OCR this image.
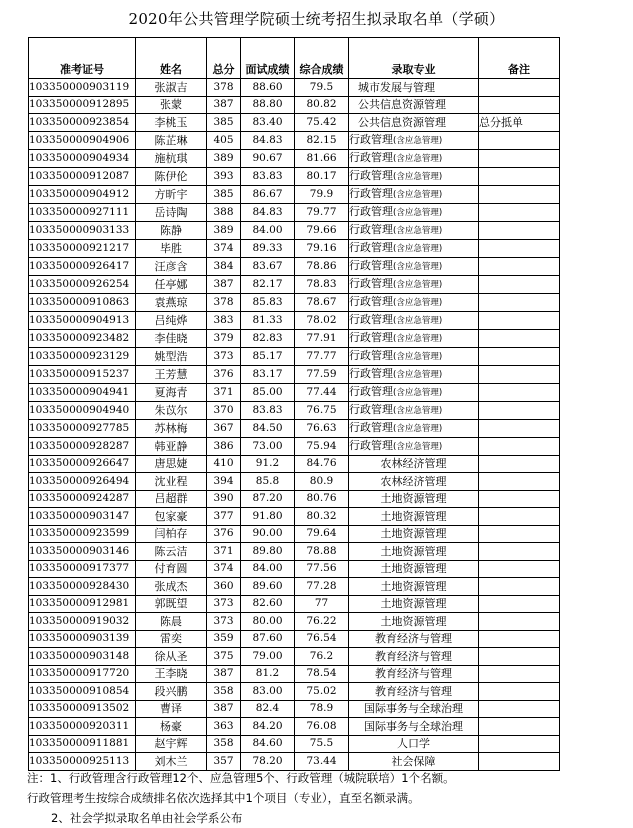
2020年公共管理学院硕士统考招生拟录取名单（学硕）
准考证号	姓名	总分	面试成绩	综合成绩	录取专业	备注
103350000903119	张淑吉	378	88.60	79.5	城市发展与管理	
103350000912895	张蒙	387	88.80	80.82	公共信息资源管理	
103350000923854	李桃玉	385	83.40	75.42	公共信息资源管理	总分抵单
103350000904906	陈芷琳	405	84.83	82.15	行政管理(含应急管理)	
103350000904934	施杭琪	389	90.67	81.66	行政管理(含应急管理)	
103350000912087	陈伊伦	393	83.83	80.17	行政管理(含应急管理)	
103350000904912	方昕宇	385	86.67	79.9	行政管理(含应急管理)	
103350000927111	岳诗陶	388	84.83	79.77	行政管理(含应急管理)	
103350000903133	陈静	389	84.00	79.66	行政管理(含应急管理)	
103350000921217	毕胜	374	89.33	79.16	行政管理(含应急管理)	
103350000926417	汪彦含	384	83.67	78.86	行政管理(含应急管理)	
103350000926254	任亭娜	387	82.17	78.83	行政管理(含应急管理)	
103350000910863	袁燕琼	378	85.83	78.67	行政管理(含应急管理)	
103350000904913	吕纯烨	383	81.33	78.02	行政管理(含应急管理)	
103350000923482	李佳晓	379	82.83	77.91	行政管理(含应急管理)	
103350000923129	姚型浩	373	85.17	77.77	行政管理(含应急管理)	
103350000915237	王芳慧	376	83.17	77.59	行政管理(含应急管理)	
103350000904941	夏海青	371	85.00	77.44	行政管理(含应急管理)	
103350000904940	朱苡尔	370	83.83	76.75	行政管理(含应急管理)	
103350000927785	苏林梅	367	84.50	76.63	行政管理(含应急管理)	
103350000928287	韩亚静	386	73.00	75.94	行政管理(含应急管理)	
103350000926647	唐思婕	410	91.2	84.76	农林经济管理	
103350000926494	沈业程	394	85.8	80.9	农林经济管理	
103350000924287	吕超群	390	87.20	80.76	土地资源管理	
103350000903147	包家豪	377	91.80	80.32	土地资源管理	
103350000923599	闫柏存	376	90.00	79.64	土地资源管理	
103350000903146	陈云洁	371	89.80	78.88	土地资源管理	
103350000917377	付育圆	374	84.00	77.56	土地资源管理	
103350000928430	张成杰	360	89.60	77.28	土地资源管理	
103350000912981	郭既望	373	82.60	77	土地资源管理	
103350000919032	陈晨	373	80.00	76.22	土地资源管理	
103350000903139	雷奕	359	87.60	76.54	教育经济与管理	
103350000903148	徐从圣	375	79.00	76.2	教育经济与管理	
103350000917720	王李晓	387	81.2	78.54	教育经济与管理	
103350000910854	段兴鹏	358	83.00	75.02	教育经济与管理	
103350000913502	曹译	387	82.4	78.9	国际事务与全球治理	
103350000920311	杨豪	363	84.20	76.08	国际事务与全球治理	
103350000911881	赵宇辉	358	84.60	75.5	人口学	
103350000925113	刘木兰	357	78.20	73.44	社会保障	
注：1、行政管理含行政管理12个、应急管理5个、行政管理（城院联培）1个名额。
行政管理考生按综合成绩排名依次选择其中1个项目（专业），直至名额录满。
2、社会学拟录取名单由社会学系公布
